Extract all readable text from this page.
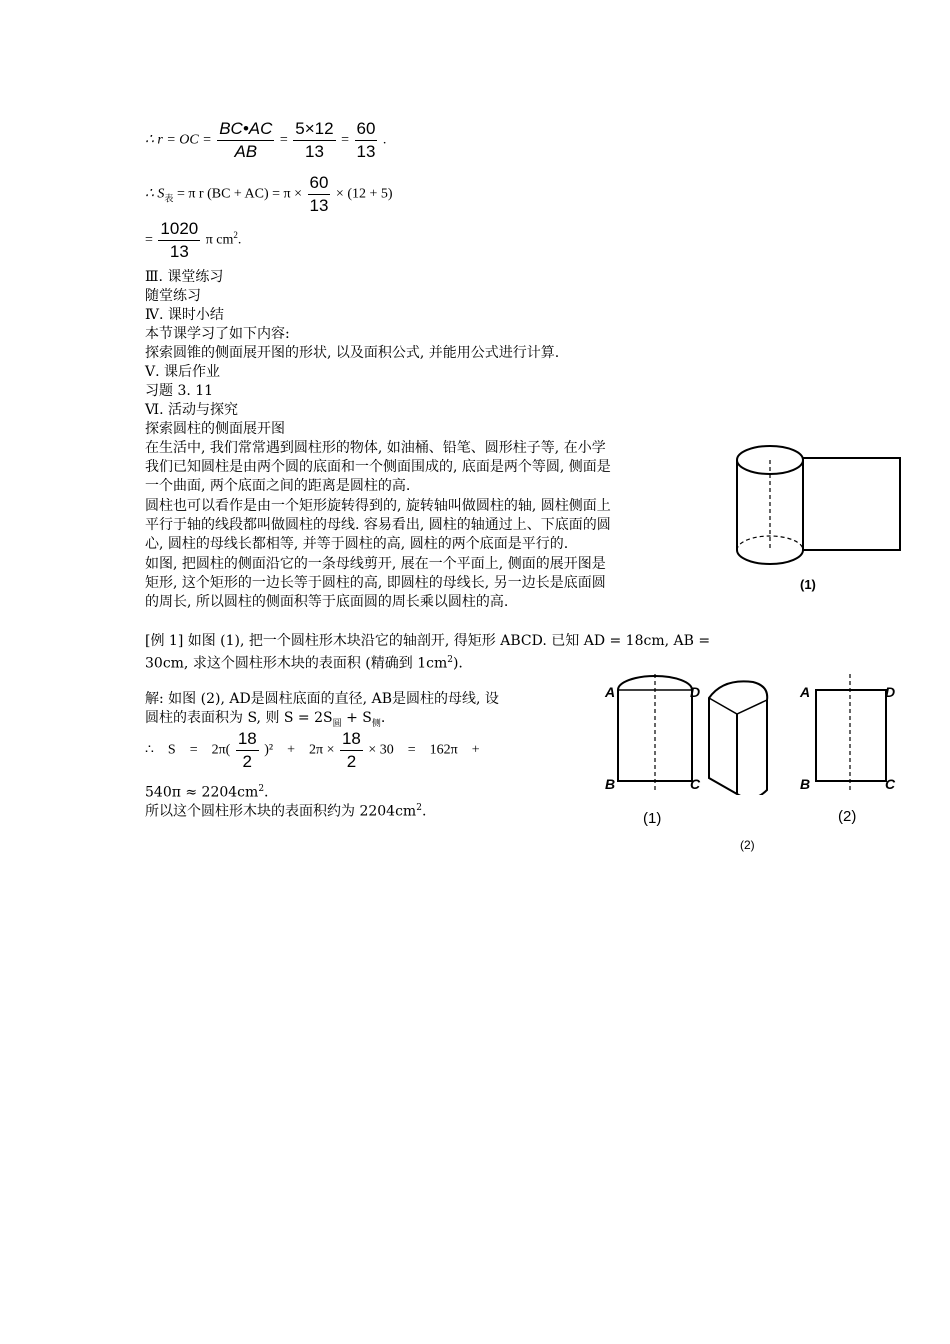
∴ r = OC = $\frac{BC•AC}{AB} = \frac{5\times 12}{13} = \frac{60}{13}$ .
∴ $S_表 = \pi$ r $(BC + AC) = \pi \times \frac{60}{13} \times (12 + 5)$
= $\frac{1020}{13}$ π $cm^2$.
Ⅲ. 课堂练习
随堂练习
Ⅳ. 课时小结
本节课学习了如下内容:
探索圆锥的侧面展开图的形状, 以及面积公式, 并能用公式进行计算.
Ⅴ. 课后作业
习题 3. 11
Ⅵ. 活动与探究
探索圆柱的侧面展开图
在生活中, 我们常常遇到圆柱形的物体, 如油桶、铅笔、圆形柱子等, 在小学
我们已知圆柱是由两个圆的底面和一个侧面围成的, 底面是两个等圆, 侧面是
一个曲面, 两个底面之间的距离是圆柱的高.
圆柱也可以看作是由一个矩形旋转得到的, 旋转轴叫做圆柱的轴, 圆柱侧面上
平行于轴的线段都叫做圆柱的母线. 容易看出, 圆柱的轴通过上、下底面的圆
心, 圆柱的母线长都相等, 并等于圆柱的高, 圆柱的两个底面是平行的.
如图, 把圆柱的侧面沿它的一条母线剪开, 展在一个平面上, 侧面的展开图是
矩形, 这个矩形的一边长等于圆柱的高, 即圆柱的母线长, 另一边长是底面圆
的周长, 所以圆柱的侧面积等于底面圆的周长乘以圆柱的高.
[例 1] 如图 (1), 把一个圆柱形木块沿它的轴剖开, 得矩形 ABCD. 已知 AD = 18cm, AB =
30cm, 求这个圆柱形木块的表面积 (精确到 $1cm^2$).
解: 如图 (2), AD是圆柱底面的直径, AB是圆柱的母线, 设
圆柱的表面积为 S, 则 $S = 2S_圆 + S_侧$.
∴    S    =    $2\pi( \frac{18}{2} )^2$    +    $2\pi \times \frac{18}{2} \times 30$    =    162π    +
$540\pi \approx 2204cm^2$.
所以这个圆柱形木块的表面积约为 $2204cm^2$.
(1)
A	D
B	C
(1)
A	D
B	C
(2)
(2)
